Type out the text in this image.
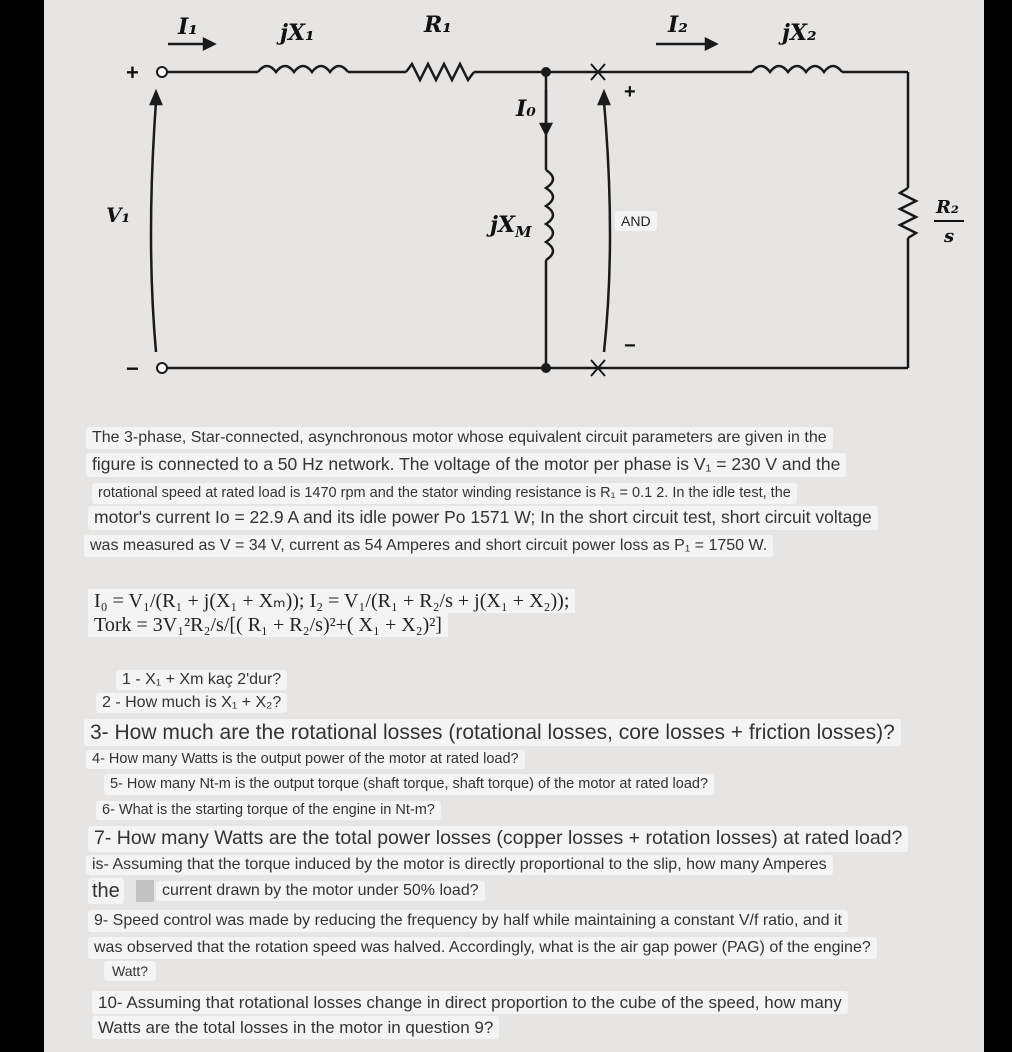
I₁	jX₁	R₁	I₂	jX₂
I₀
$jX_M$
V₁
+
−
+
−
R₂
s
AND
The 3-phase, Star-connected, asynchronous motor whose equivalent circuit parameters are given in the
figure is connected to a 50 Hz network. The voltage of the motor per phase is V₁ = 230 V and the
rotational speed at rated load is 1470 rpm and the stator winding resistance is R₁ = 0.1 2. In the idle test, the
motor's current Io = 22.9 A and its idle power Po 1571 W; In the short circuit test, short circuit voltage
was measured as V = 34 V, current as 54 Amperes and short circuit power loss as P₁ = 1750 W.
I₀ = V₁/(R₁ + j(X₁ + Xₘ)); I₂ = V₁/(R₁ + R₂/s + j(X₁ + X₂));
Tork = 3V₁²R₂/s/[( R₁ + R₂/s)²+( X₁ + X₂)²]
1 - X₁ + Xm kaç 2'dur?
2 - How much is X₁ + X₂?
3- How much are the rotational losses (rotational losses, core losses + friction losses)?
4- How many Watts is the output power of the motor at rated load?
5- How many Nt-m is the output torque (shaft torque, shaft torque) of the motor at rated load?
6- What is the starting torque of the engine in Nt-m?
7- How many Watts are the total power losses (copper losses + rotation losses) at rated load?
is- Assuming that the torque induced by the motor is directly proportional to the slip, how many Amperes
the	current drawn by the motor under 50% load?
9- Speed control was made by reducing the frequency by half while maintaining a constant V/f ratio, and it
was observed that the rotation speed was halved. Accordingly, what is the air gap power (PAG) of the engine?
Watt?
10- Assuming that rotational losses change in direct proportion to the cube of the speed, how many
Watts are the total losses in the motor in question 9?
